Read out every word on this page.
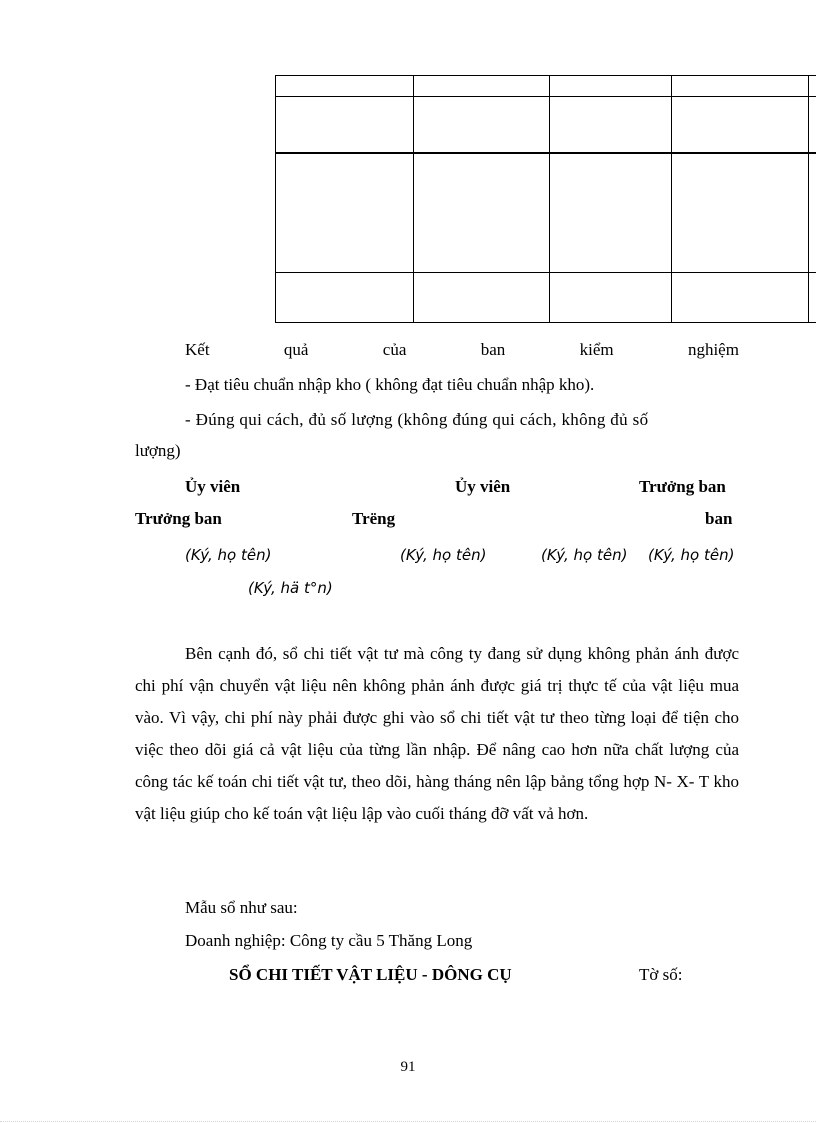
Kết	quả	của	ban	kiểm	nghiệm
- Đạt tiêu chuẩn nhập kho ( không đạt tiêu chuẩn nhập kho).
- Đúng qui cách, đủ số lượng (không đúng qui cách, không đủ số
lượng)
Ủy viên	Ủy viên	Trưởng ban
Trưởng ban	Trëng	ban
(Ký, họ tên)	(Ký, họ tên)	(Ký, họ tên) (Ký, họ tên)
(Ký, hä t°n)
Bên cạnh đó, sổ chi tiết vật tư mà công ty đang sử dụng không phản ánh được chi phí vận chuyển vật liệu nên không phản ánh được giá trị thực tế của vật liệu mua vào. Vì vậy, chi phí này phải được ghi vào sổ chi tiết vật tư theo từng loại để tiện cho việc theo dõi giá cả vật liệu của từng lần nhập. Để nâng cao hơn nữa chất lượng của công tác kế toán chi tiết vật tư, theo dõi, hàng tháng nên lập bảng tổng hợp N- X- T kho vật liệu giúp cho kế toán vật liệu lập vào cuối tháng đỡ vất vả hơn.
Mẫu sổ như sau:
Doanh nghiệp: Công ty cầu 5 Thăng Long
SỔ CHI TIẾT VẬT LIỆU - DÔNG CỤ	Tờ số:
91
